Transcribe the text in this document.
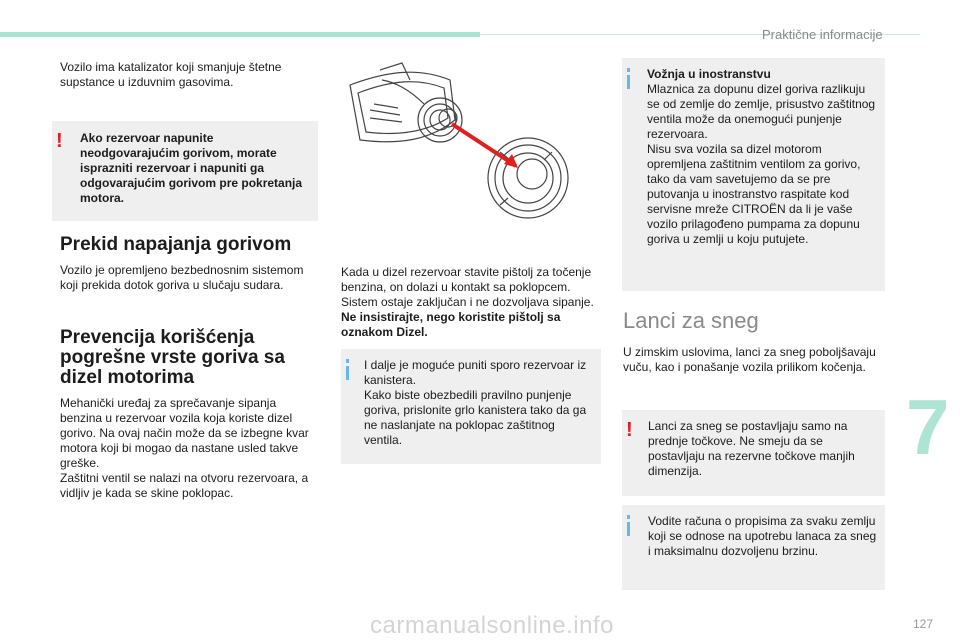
Praktične informacije
Vozilo ima katalizator koji smanjuje štetne supstance u izduvnim gasovima.
! Ako rezervoar napunite neodgovarajućim gorivom, morate isprazniti rezervoar i napuniti ga odgovarajućim gorivom pre pokretanja motora.
Prekid napajanja gorivom
Vozilo je opremljeno bezbednosnim sistemom koji prekida dotok goriva u slučaju sudara.
Prevencija korišćenja pogrešne vrste goriva sa dizel motorima

Mehanički uređaj za sprečavanje sipanja benzina u rezervoar vozila koja koriste dizel gorivo. Na ovaj način može da se izbegne kvar motora koji bi mogao da nastane usled takve greške.

Zaštitni ventil se nalazi na otvoru rezervoara, a vidljiv je kada se skine poklopac.

Kada u dizel rezervoar stavite pištolj za točenje benzina, on dolazi u kontakt sa poklopcem. Sistem ostaje zaključan i ne dozvoljava sipanje.

Ne insistirajte, nego koristite pištolj sa oznakom Dizel.

I dalje je moguće puniti sporo rezervoar iz kanistera.

Kako biste obezbedili pravilno punjenje goriva, prislonite grlo kanistera tako da ga ne naslanjate na poklopac zaštitnog ventila.

Vožnja u inostranstvu

Mlaznica za dopunu dizel goriva razlikuju se od zemlje do zemlje, prisustvo zaštitnog ventila može da onemogući punjenje rezervoara.

Nisu sva vozila sa dizel motorom opremljena zaštitnim ventilom za gorivo, tako da vam savetujemo da se pre putovanja u inostranstvo raspitate kod servisne mreže CITROËN da li je vaše vozilo prilagođeno pumpama za dopunu goriva u zemlji u koju putujete.

Lanci za sneg
U zimskim uslovima, lanci za sneg poboljšavaju vuču, kao i ponašanje vozila prilikom kočenja.
! Lanci za sneg se postavljaju samo na prednje točkove. Ne smeju da se postavljaju na rezervne točkove manjih dimenzija.
Vodite računa o propisima za svaku zemlju koji se odnose na upotrebu lanaca za sneg i maksimalnu dozvoljenu brzinu.
7
carmanualsonline.info	127
